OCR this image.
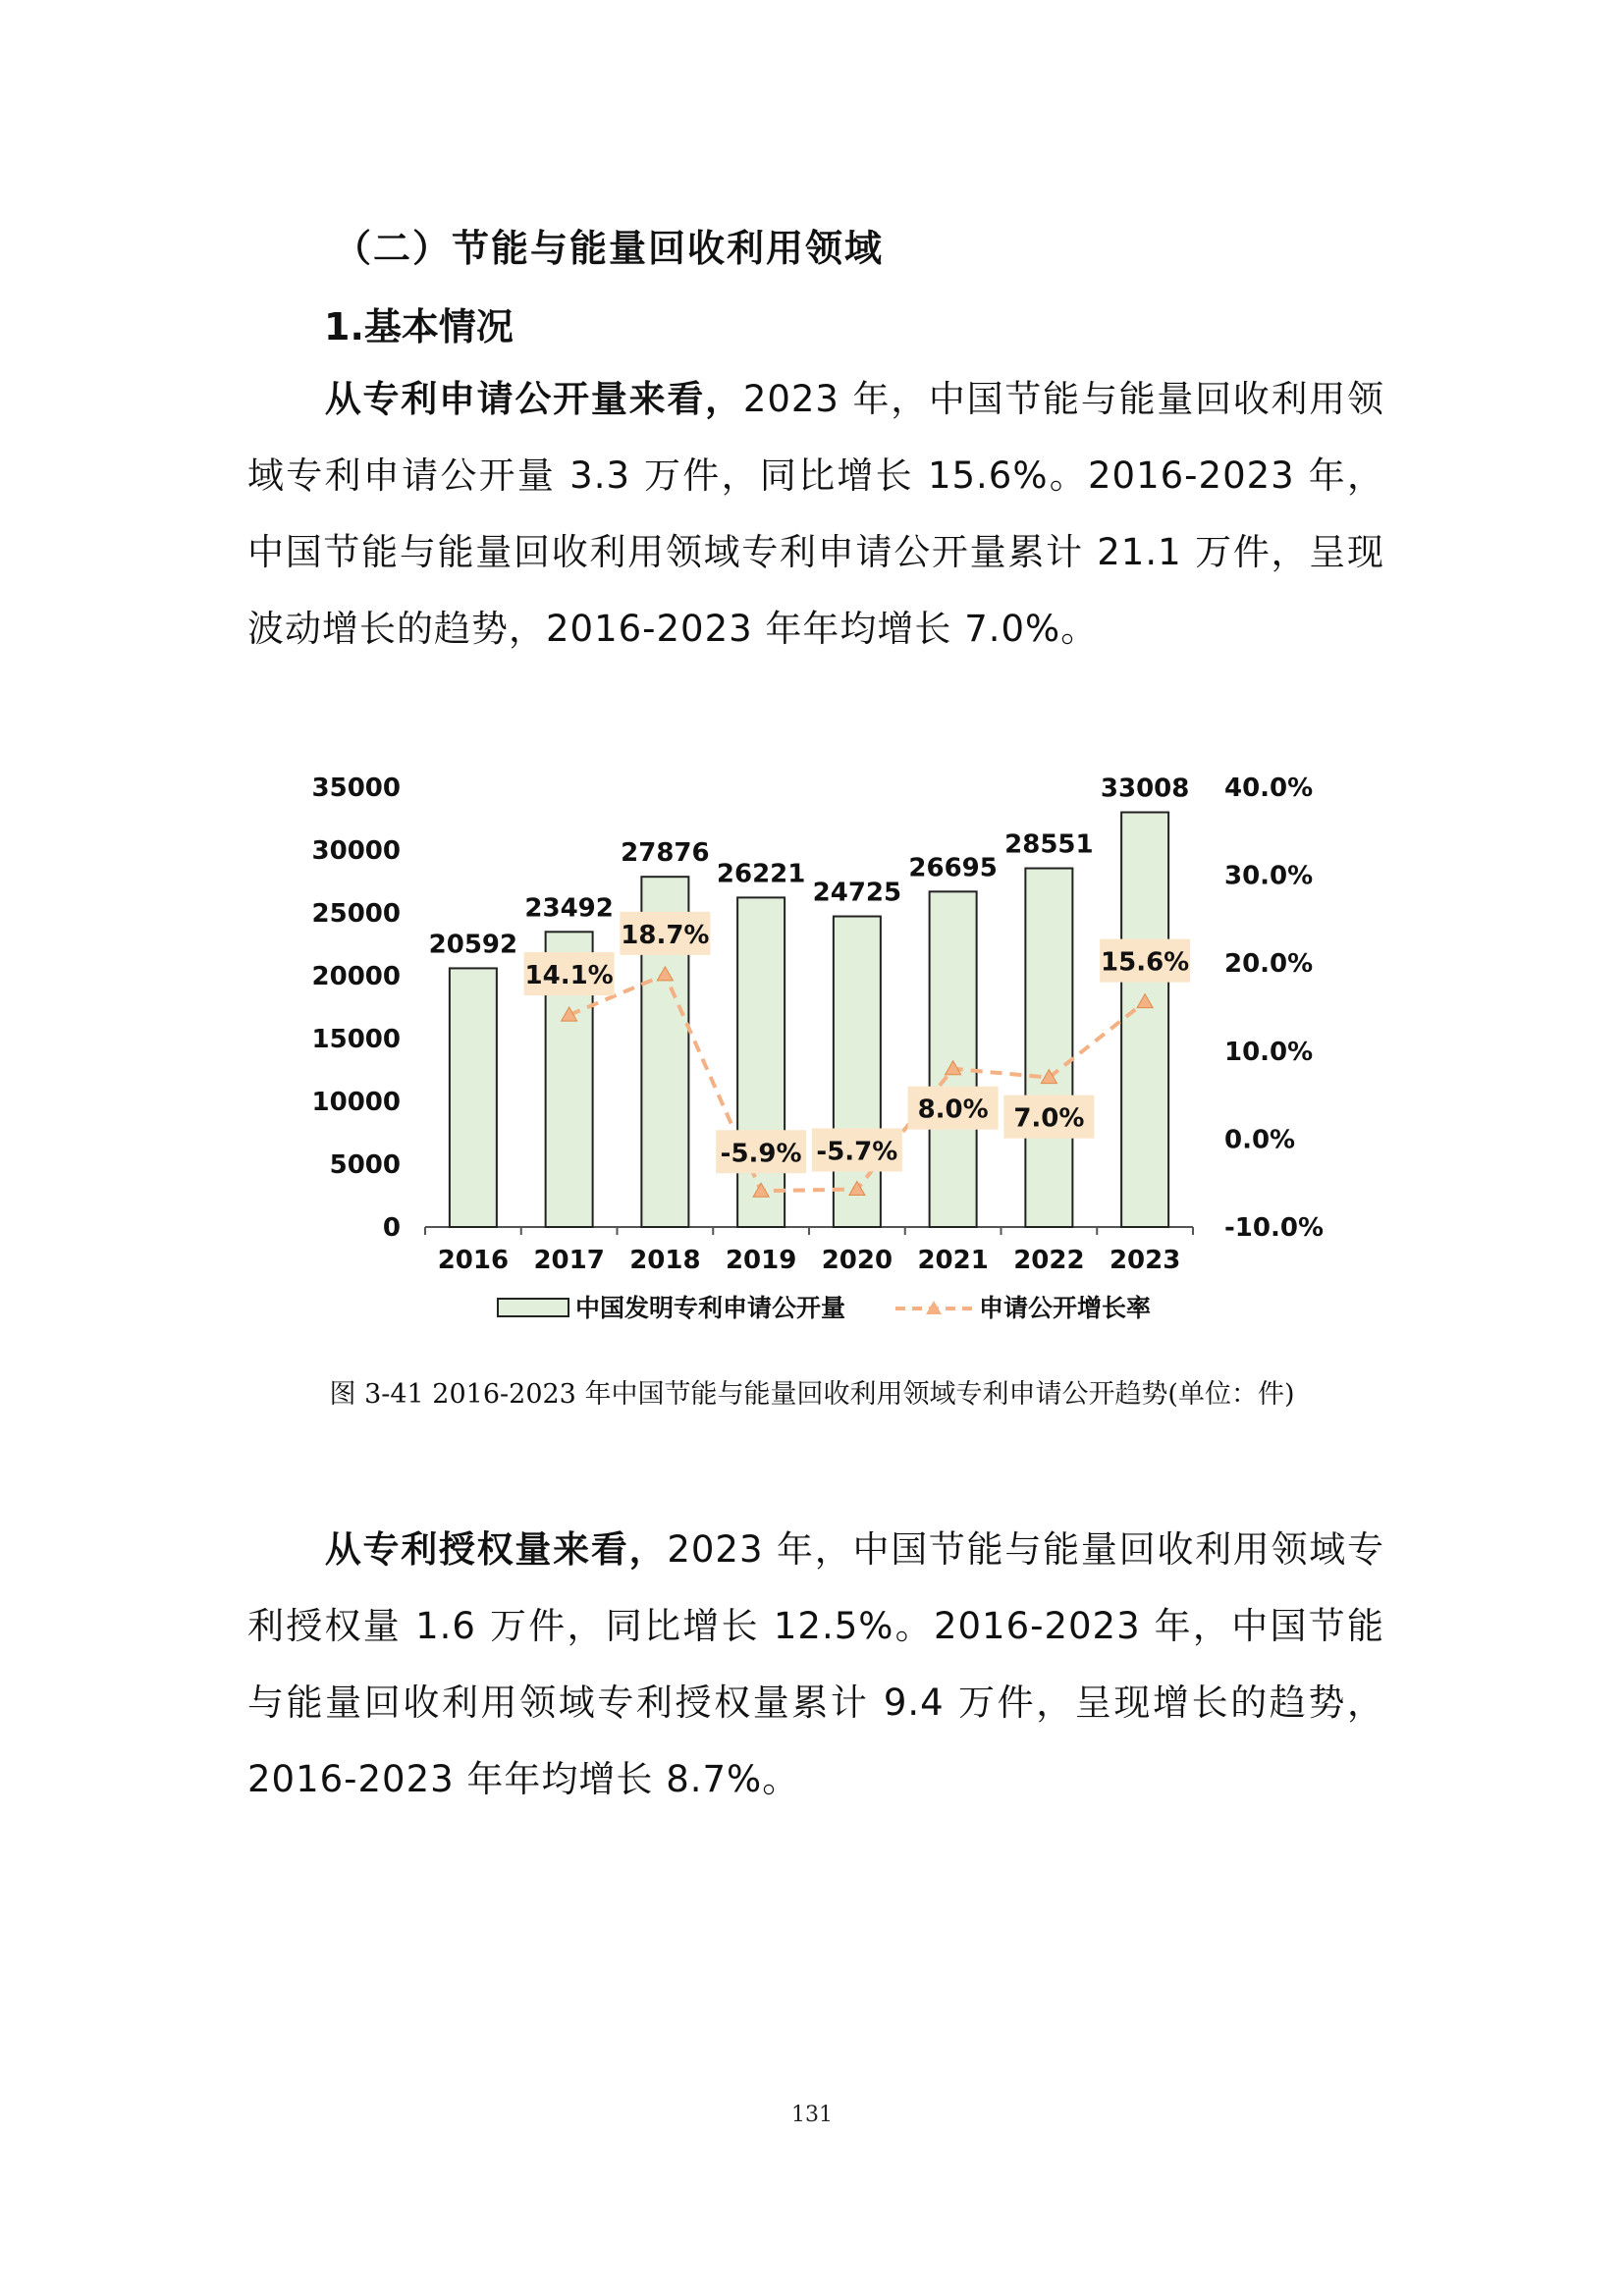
（二）节能与能量回收利用领域
1.基本情况

从专利申请公开量来看，2023 年，中国节能与能量回收利用领域专利申请公开量 3.3 万件，同比增长 15.6%。2016-2023 年，中国节能与能量回收利用领域专利申请公开量累计 21.1 万件，呈现波动增长的趋势，2016-2023 年年均增长 7.0%。

0
5000
10000
15000
20000
25000
30000
35000
-10.0%
0.0%
10.0%
20.0%
30.0%
40.0%
20592
23492
27876
26221
24725
26695
28551
33008
2016 2017 2018 2019 2020 2021 2022 2023
14.1%
18.7%
-5.9% -5.7%
8.0% 7.0%
15.6%
中国发明专利申请公开量	申请公开增长率
图 3-41 2016-2023 年中国节能与能量回收利用领域专利申请公开趋势(单位：件)

从专利授权量来看，2023 年，中国节能与能量回收利用领域专利授权量 1.6 万件，同比增长 12.5%。2016-2023 年，中国节能与能量回收利用领域专利授权量累计 9.4 万件，呈现增长的趋势，2016-2023 年年均增长 8.7%。

131
